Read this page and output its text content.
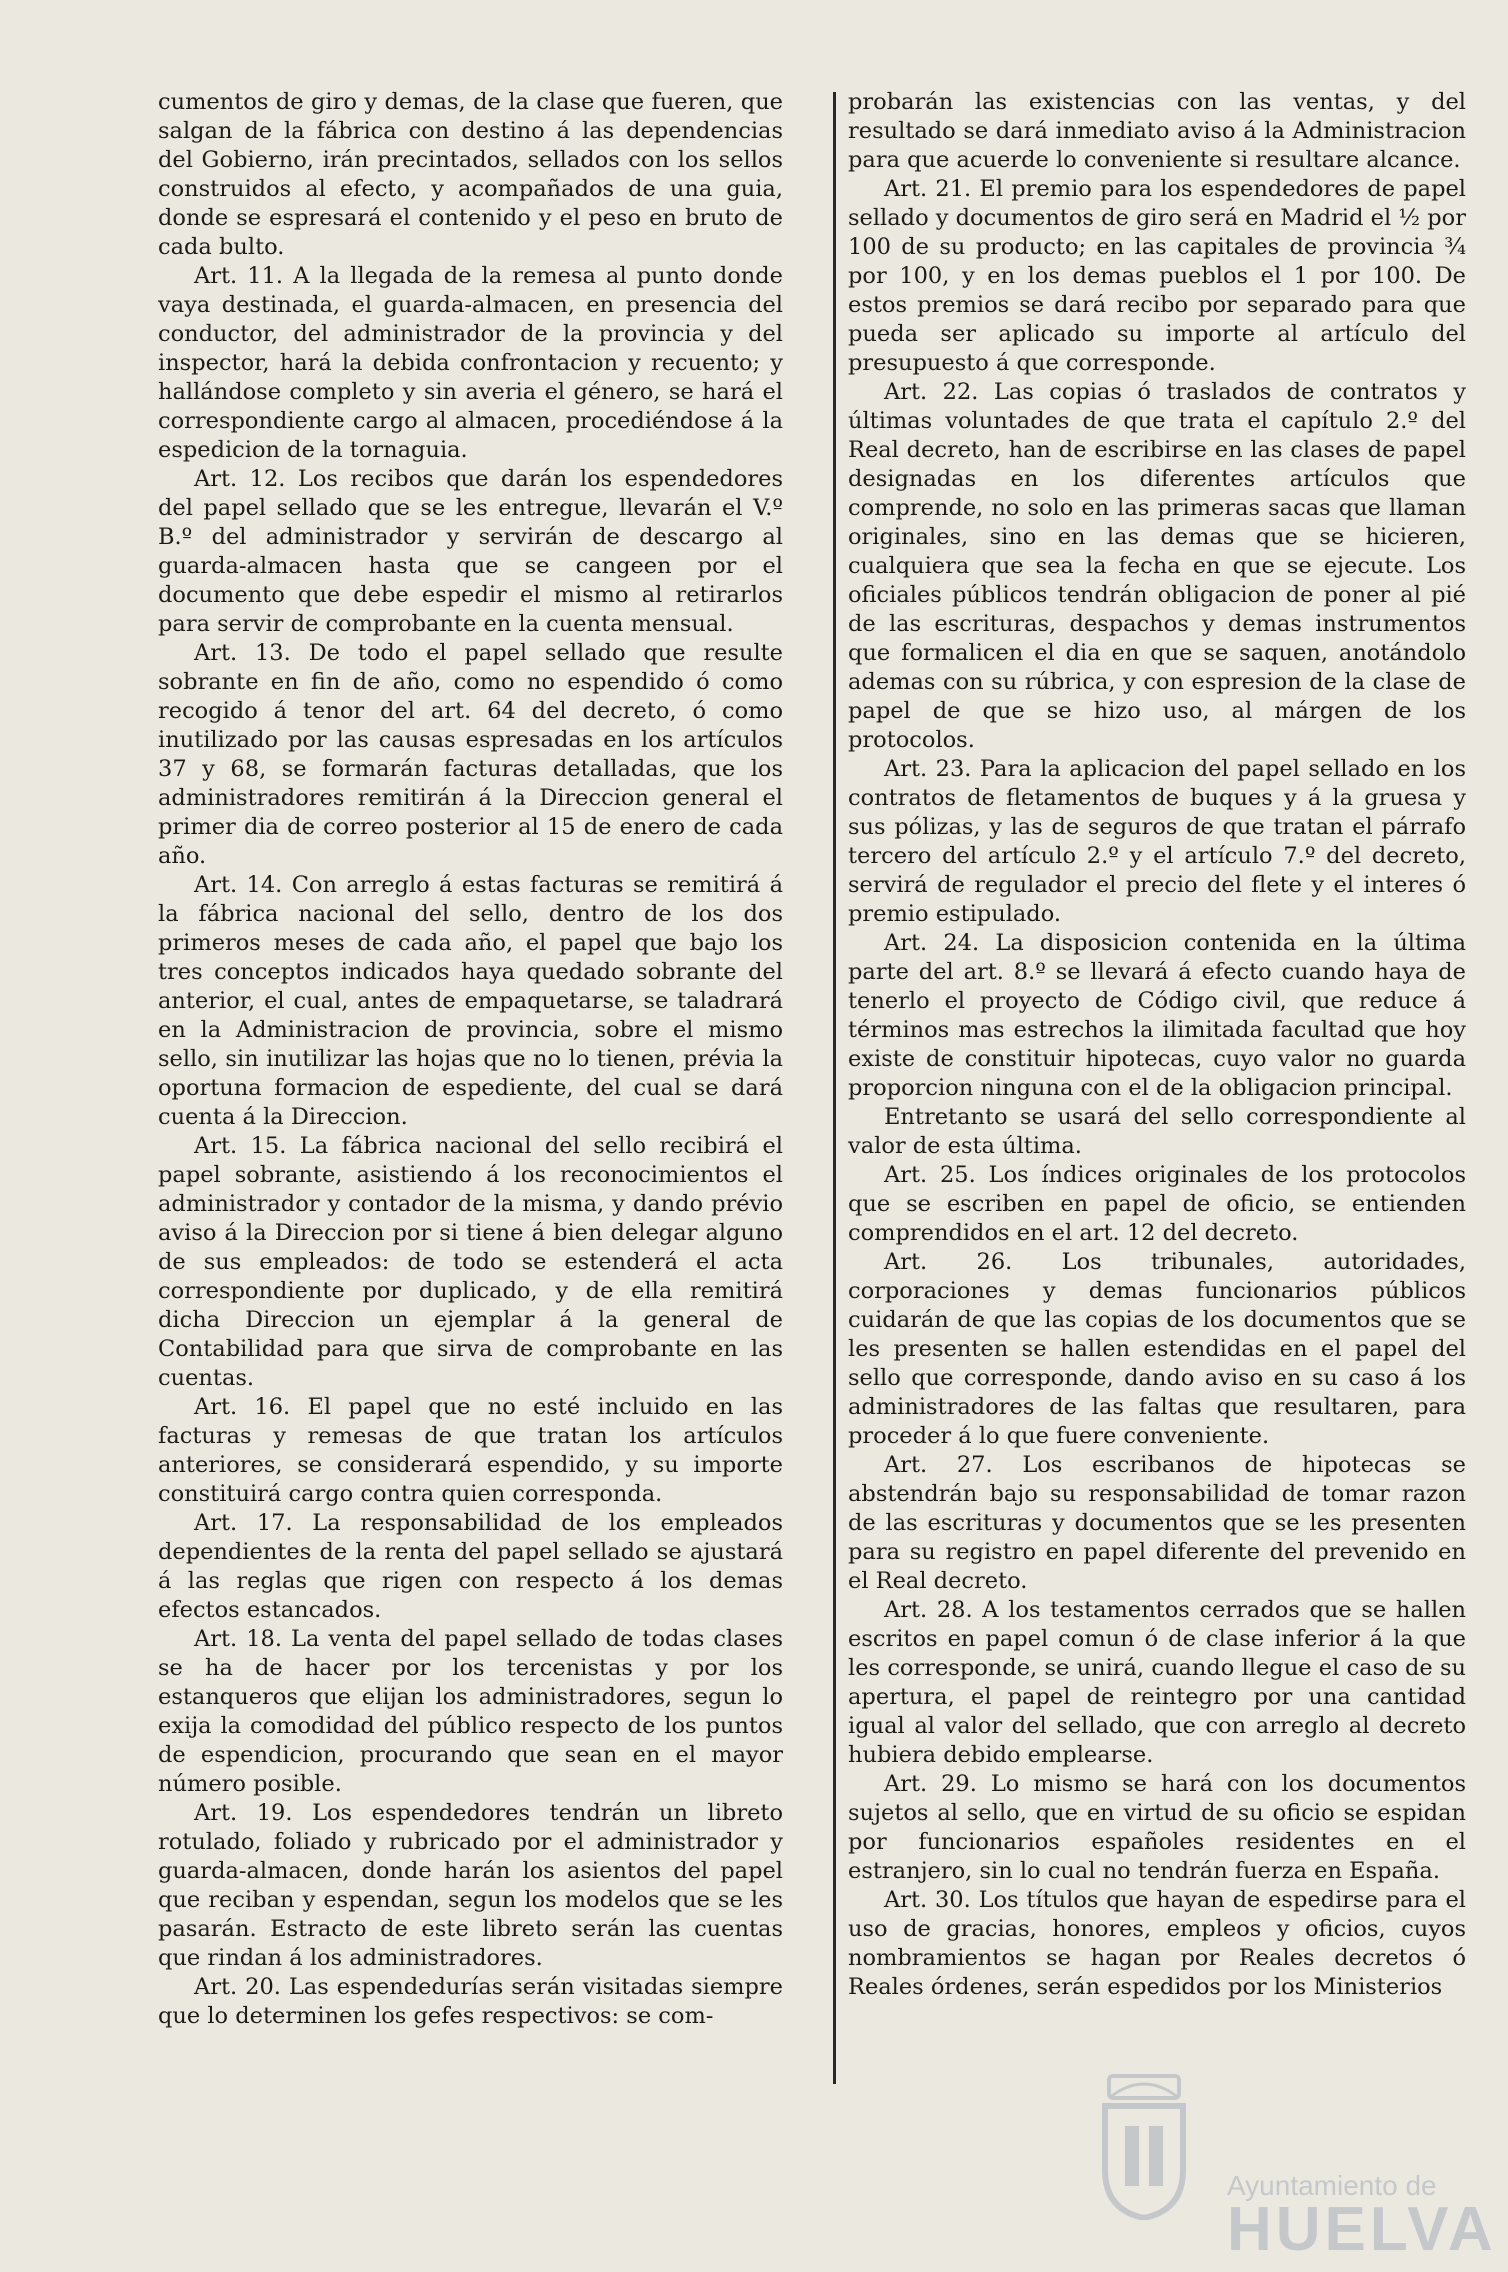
cumentos de giro y demas, de la clase que fueren, que salgan de la fábrica con destino á las dependencias del Gobierno, irán precintados, sellados con los sellos construidos al efecto, y acompañados de una guia, donde se espresará el contenido y el peso en bruto de cada bulto.

Art. 11. A la llegada de la remesa al punto donde vaya destinada, el guarda-almacen, en presencia del conductor, del administrador de la provincia y del inspector, hará la debida confrontacion y recuento; y hallándose completo y sin averia el género, se hará el correspondiente cargo al almacen, procediéndose á la espedicion de la tornaguia.

Art. 12. Los recibos que darán los espendedores del papel sellado que se les entregue, llevarán el V.º B.º del administrador y servirán de descargo al guarda-almacen hasta que se cangeen por el documento que debe espedir el mismo al retirarlos para servir de comprobante en la cuenta mensual.

Art. 13. De todo el papel sellado que resulte sobrante en fin de año, como no espendido ó como recogido á tenor del art. 64 del decreto, ó como inutilizado por las causas espresadas en los artículos 37 y 68, se formarán facturas detalladas, que los administradores remitirán á la Direccion general el primer dia de correo posterior al 15 de enero de cada año.

Art. 14. Con arreglo á estas facturas se remitirá á la fábrica nacional del sello, dentro de los dos primeros meses de cada año, el papel que bajo los tres conceptos indicados haya quedado sobrante del anterior, el cual, antes de empaquetarse, se taladrará en la Administracion de provincia, sobre el mismo sello, sin inutilizar las hojas que no lo tienen, prévia la oportuna formacion de espediente, del cual se dará cuenta á la Direccion.

Art. 15. La fábrica nacional del sello recibirá el papel sobrante, asistiendo á los reconocimientos el administrador y contador de la misma, y dando prévio aviso á la Direccion por si tiene á bien delegar alguno de sus empleados: de todo se estenderá el acta correspondiente por duplicado, y de ella remitirá dicha Direccion un ejemplar á la general de Contabilidad para que sirva de comprobante en las cuentas.

Art. 16. El papel que no esté incluido en las facturas y remesas de que tratan los artículos anteriores, se considerará espendido, y su importe constituirá cargo contra quien corresponda.

Art. 17. La responsabilidad de los empleados dependientes de la renta del papel sellado se ajustará á las reglas que rigen con respecto á los demas efectos estancados.

Art. 18. La venta del papel sellado de todas clases se ha de hacer por los tercenistas y por los estanqueros que elijan los administradores, segun lo exija la comodidad del público respecto de los puntos de espendicion, procurando que sean en el mayor número posible.

Art. 19. Los espendedores tendrán un libreto rotulado, foliado y rubricado por el administrador y guarda-almacen, donde harán los asientos del papel que reciban y espendan, segun los modelos que se les pasarán. Estracto de este libreto serán las cuentas que rindan á los administradores.

Art. 20. Las espendedurías serán visitadas siempre que lo determinen los gefes respectivos: se com-

probarán las existencias con las ventas, y del resultado se dará inmediato aviso á la Administracion para que acuerde lo conveniente si resultare alcance.

Art. 21. El premio para los espendedores de papel sellado y documentos de giro será en Madrid el ½ por 100 de su producto; en las capitales de provincia ¾ por 100, y en los demas pueblos el 1 por 100. De estos premios se dará recibo por separado para que pueda ser aplicado su importe al artículo del presupuesto á que corresponde.

Art. 22. Las copias ó traslados de contratos y últimas voluntades de que trata el capítulo 2.º del Real decreto, han de escribirse en las clases de papel designadas en los diferentes artículos que comprende, no solo en las primeras sacas que llaman originales, sino en las demas que se hicieren, cualquiera que sea la fecha en que se ejecute. Los oficiales públicos tendrán obligacion de poner al pié de las escrituras, despachos y demas instrumentos que formalicen el dia en que se saquen, anotándolo ademas con su rúbrica, y con espresion de la clase de papel de que se hizo uso, al márgen de los protocolos.

Art. 23. Para la aplicacion del papel sellado en los contratos de fletamentos de buques y á la gruesa y sus pólizas, y las de seguros de que tratan el párrafo tercero del artículo 2.º y el artículo 7.º del decreto, servirá de regulador el precio del flete y el interes ó premio estipulado.

Art. 24. La disposicion contenida en la última parte del art. 8.º se llevará á efecto cuando haya de tenerlo el proyecto de Código civil, que reduce á términos mas estrechos la ilimitada facultad que hoy existe de constituir hipotecas, cuyo valor no guarda proporcion ninguna con el de la obligacion principal.

Entretanto se usará del sello correspondiente al valor de esta última.

Art. 25. Los índices originales de los protocolos que se escriben en papel de oficio, se entienden comprendidos en el art. 12 del decreto.

Art. 26. Los tribunales, autoridades, corporaciones y demas funcionarios públicos cuidarán de que las copias de los documentos que se les presenten se hallen estendidas en el papel del sello que corresponde, dando aviso en su caso á los administradores de las faltas que resultaren, para proceder á lo que fuere conveniente.

Art. 27. Los escribanos de hipotecas se abstendrán bajo su responsabilidad de tomar razon de las escrituras y documentos que se les presenten para su registro en papel diferente del prevenido en el Real decreto.

Art. 28. A los testamentos cerrados que se hallen escritos en papel comun ó de clase inferior á la que les corresponde, se unirá, cuando llegue el caso de su apertura, el papel de reintegro por una cantidad igual al valor del sellado, que con arreglo al decreto hubiera debido emplearse.

Art. 29. Lo mismo se hará con los documentos sujetos al sello, que en virtud de su oficio se espidan por funcionarios españoles residentes en el estranjero, sin lo cual no tendrán fuerza en España.

Art. 30. Los títulos que hayan de espedirse para el uso de gracias, honores, empleos y oficios, cuyos nombramientos se hagan por Reales decretos ó Reales órdenes, serán espedidos por los Ministerios

Ayuntamiento de
HUELVA
